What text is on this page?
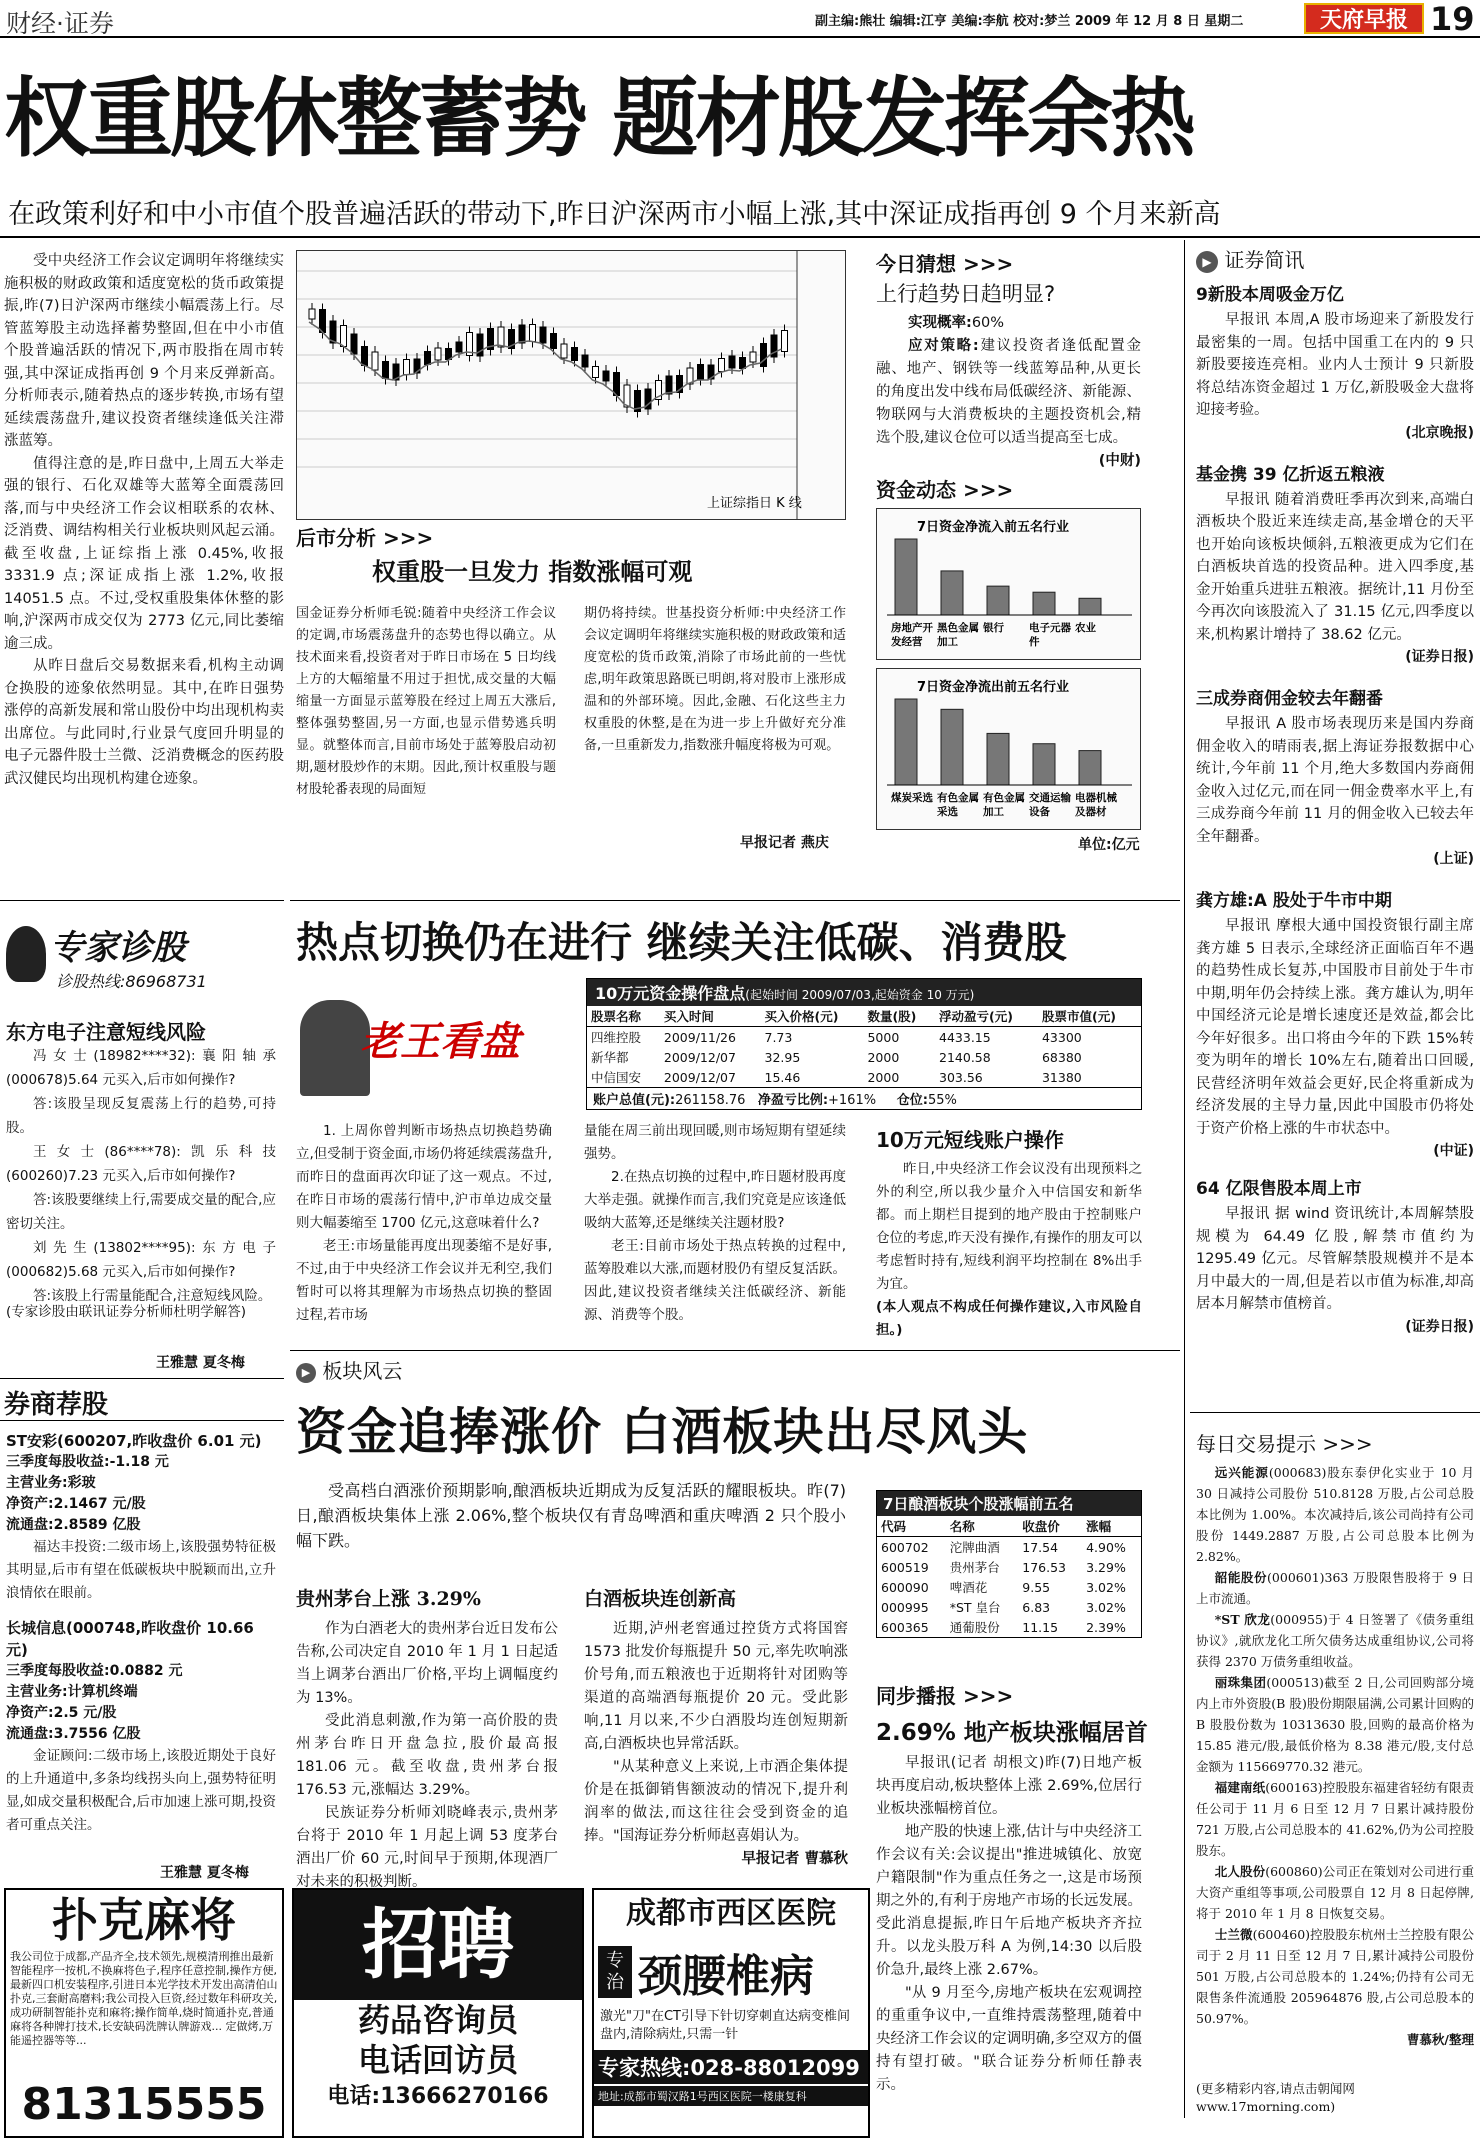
财经·证券	副主编:熊壮 编辑:江亨 美编:李航 校对:梦兰 2009 年 12 月 8 日 星期二	天府早报 19
权重股休整蓄势 题材股发挥余热
在政策利好和中小市值个股普遍活跃的带动下,昨日沪深两市小幅上涨,其中深证成指再创 9 个月来新高

受中央经济工作会议定调明年将继续实施积极的财政政策和适度宽松的货币政策提振,昨(7)日沪深两市继续小幅震荡上行。尽管蓝筹股主动选择蓄势整固,但在中小市值个股普遍活跃的情况下,两市股指在周市转强,其中深证成指再创 9 个月来反弹新高。分析师表示,随着热点的逐步转换,市场有望延续震荡盘升,建议投资者继续逢低关注滞涨蓝筹。

值得注意的是,昨日盘中,上周五大举走强的银行、石化双雄等大蓝筹全面震荡回落,而与中央经济工作会议相联系的农林、泛消费、调结构相关行业板块则风起云涌。截至收盘,上证综指上涨 0.45%,收报 3331.9 点;深证成指上涨 1.2%,收报 14051.5 点。不过,受权重股集体休整的影响,沪深两市成交仅为 2773 亿元,同比萎缩逾三成。

从昨日盘后交易数据来看,机构主动调仓换股的迹象依然明显。其中,在昨日强势涨停的高新发展和常山股份中均出现机构卖出席位。与此同时,行业景气度回升明显的电子元器件股士兰微、泛消费概念的医药股武汉健民均出现机构建仓迹象。

上证综指日 K 线
后市分析 >>>
权重股一旦发力 指数涨幅可观
国金证券分析师毛锐:随着中央经济工作会议的定调,市场震荡盘升的态势也得以确立。从技术面来看,投资者对于昨日市场在 5 日均线上方的大幅缩量不用过于担忧,成交量的大幅缩量一方面显示蓝筹股在经过上周五大涨后,整体强势整固,另一方面,也显示借势逃兵明显。就整体而言,目前市场处于蓝筹股启动初期,题材股炒作的末期。因此,预计权重股与题材股轮番表现的局面短
期仍将持续。世基投资分析师:中央经济工作会议定调明年将继续实施积极的财政政策和适度宽松的货币政策,消除了市场此前的一些忧虑,明年政策思路既已明朗,将对股市上涨形成温和的外部环境。因此,金融、石化这些主力权重股的休整,是在为进一步上升做好充分准备,一旦重新发力,指数涨升幅度将极为可观。
早报记者 燕庆
今日猜想 >>>
上行趋势日趋明显?
实现概率:60%
应对策略:建议投资者逢低配置金融、地产、钢铁等一线蓝筹品种,从更长的角度出发中线布局低碳经济、新能源、物联网与大消费板块的主题投资机会,精选个股,建议仓位可以适当提高至七成。
(中财)
资金动态 >>>
7日资金净流入前五名行业
房地产开
发经营
黑色金属
加工
银行 电子元器
件
农业
7日资金净流出前五名行业
煤炭采选 有色金属
采选
有色金属
加工
交通运输
设备
电器机械
及器材
单位:亿元
▶ 证券简讯
9新股本周吸金万亿
早报讯 本周,A 股市场迎来了新股发行最密集的一周。包括中国重工在内的 9 只新股要接连亮相。业内人士预计 9 只新股将总结冻资金超过 1 万亿,新股吸金大盘将迎接考验。
(北京晚报)
基金携 39 亿折返五粮液
早报讯 随着消费旺季再次到来,高端白酒板块个股近来连续走高,基金增仓的天平也开始向该板块倾斜,五粮液更成为它们在白酒板块首选的投资品种。进入四季度,基金开始重兵进驻五粮液。据统计,11 月份至今再次向该股流入了 31.15 亿元,四季度以来,机构累计增持了 38.62 亿元。
(证券日报)
三成券商佣金较去年翻番
早报讯 A 股市场表现历来是国内券商佣金收入的晴雨表,据上海证券报数据中心统计,今年前 11 个月,绝大多数国内券商佣金收入过亿元,而在同一佣金费率水平上,有三成券商今年前 11 月的佣金收入已较去年全年翻番。
(上证)
龚方雄:A 股处于牛市中期
早报讯 摩根大通中国投资银行副主席龚方雄 5 日表示,全球经济正面临百年不遇的趋势性成长复苏,中国股市目前处于牛市中期,明年仍会持续上涨。龚方雄认为,明年中国经济元论是增长速度还是效益,都会比今年好很多。出口将由今年的下跌 15%转变为明年的增长 10%左右,随着出口回暖,民营经济明年效益会更好,民企将重新成为经济发展的主导力量,因此中国股市仍将处于资产价格上涨的牛市状态中。
(中证)
64 亿限售股本周上市
早报讯 据 wind 资讯统计,本周解禁股规模为 64.49 亿股,解禁市值约为 1295.49 亿元。尽管解禁股规模并不是本月中最大的一周,但是若以市值为标准,却高居本月解禁市值榜首。
(证券日报)
专家诊股
诊股热线:86968731
东方电子注意短线风险

冯女士(18982****32):襄阳轴承(000678)5.64 元买入,后市如何操作?

答:该股呈现反复震荡上行的趋势,可持股。

王女士(86****78):凯乐科技(600260)7.23 元买入,后市如何操作?

答:该股要继续上行,需要成交量的配合,应密切关注。

刘先生(13802****95):东方电子(000682)5.68 元买入,后市如何操作?

答:该股上行需量能配合,注意短线风险。

(专家诊股由联讯证券分析师杜明学解答)
王雅慧 夏冬梅
券商荐股
ST安彩(600207,昨收盘价 6.01 元)
三季度每股收益:-1.18 元
主营业务:彩玻
净资产:2.1467 元/股
流通盘:2.8589 亿股
福达丰投资:二级市场上,该股强势特征极其明显,后市有望在低碳板块中脱颖而出,立升浪情依在眼前。
长城信息(000748,昨收盘价 10.66 元)
三季度每股收益:0.0882 元
主营业务:计算机终端
净资产:2.5 元/股
流通盘:3.7556 亿股
金证顾问:二级市场上,该股近期处于良好的上升通道中,多条均线拐头向上,强势特征明显,如成交量积极配合,后市加速上涨可期,投资者可重点关注。
王雅慧 夏冬梅
热点切换仍在进行 继续关注低碳、消费股
老王看盘
10万元资金操作盘点(起始时间 2009/07/03,起始资金 10 万元)
股票名称	买入时间	买入价格(元)	数量(股)	浮动盈亏(元)	股票市值(元)
四维控股	2009/11/26	7.73	5000	4433.15	43300
新华都	2009/12/07	32.95	2000	2140.58	68380
中信国安	2009/12/07	15.46	2000	303.56	31380
账户总值(元):261158.76 净盈亏比例:+161% 仓位:55%

1. 上周你曾判断市场热点切换趋势确立,但受制于资金面,市场仍将延续震荡盘升,而昨日的盘面再次印证了这一观点。不过,在昨日市场的震荡行情中,沪市单边成交量则大幅萎缩至 1700 亿元,这意味着什么?

老王:市场量能再度出现萎缩不是好事,不过,由于中央经济工作会议并无利空,我们暂时可以将其理解为市场热点切换的整固过程,若市场

量能在周三前出现回暖,则市场短期有望延续强势。

2.在热点切换的过程中,昨日题材股再度大举走强。就操作而言,我们究竟是应该逢低吸纳大蓝筹,还是继续关注题材股?

老王:目前市场处于热点转换的过程中,蓝筹股难以大涨,而题材股仍有望反复活跃。因此,建议投资者继续关注低碳经济、新能源、消费等个股。

10万元短线账户操作

昨日,中央经济工作会议没有出现预料之外的利空,所以我少量介入中信国安和新华都。而上期栏目提到的地产股由于控制账户仓位的考虑,昨天没有操作,有操作的朋友可以考虑暂时持有,短线利润平均控制在 8%出手为宜。

(本人观点不构成任何操作建议,入市风险自担。)

▶ 板块风云
资金追捧涨价 白酒板块出尽风头
受高档白酒涨价预期影响,酿酒板块近期成为反复活跃的耀眼板块。昨(7)日,酿酒板块集体上涨 2.06%,整个板块仅有青岛啤酒和重庆啤酒 2 只个股小幅下跌。
7日酿酒板块个股涨幅前五名
代码	名称	收盘价	涨幅
600702	沱牌曲酒	17.54	4.90%
600519	贵州茅台	176.53	3.29%
600090	啤酒花	9.55	3.02%
000995	*ST 皇台	6.83	3.02%
600365	通葡股份	11.15	2.39%
贵州茅台上涨 3.29%

作为白酒老大的贵州茅台近日发布公告称,公司决定自 2010 年 1 月 1 日起适当上调茅台酒出厂价格,平均上调幅度约为 13%。

受此消息刺激,作为第一高价股的贵州茅台昨日开盘急拉,股价最高报 181.06 元。截至收盘,贵州茅台报 176.53 元,涨幅达 3.29%。

民族证券分析师刘晓峰表示,贵州茅台将于 2010 年 1 月起上调 53 度茅台酒出厂价 60 元,时间早于预期,体现酒厂对未来的积极判断。

白酒板块连创新高

近期,泸州老窖通过控货方式将国窖 1573 批发价每瓶提升 50 元,率先吹响涨价号角,而五粮液也于近期将针对团购等渠道的高端酒每瓶提价 20 元。受此影响,11 月以来,不少白酒股均连创短期新高,白酒板块也异常活跃。

"从某种意义上来说,上市酒企集体提价是在抵御销售额波动的情况下,提升利润率的做法,而这往往会受到资金的追捧。"国海证券分析师赵喜娟认为。

早报记者 曹慕秋

同步播报 >>>
2.69% 地产板块涨幅居首

早报讯(记者 胡根文)昨(7)日地产板块再度启动,板块整体上涨 2.69%,位居行业板块涨幅榜首位。

地产股的快速上涨,估计与中央经济工作会议有关:会议提出"推进城镇化、放宽户籍限制"作为重点任务之一,这是市场预期之外的,有利于房地产市场的长远发展。受此消息提振,昨日午后地产板块齐齐拉升。以龙头股万科 A 为例,14:30 以后股价急升,最终上涨 2.67%。

"从 9 月至今,房地产板块在宏观调控的重重争议中,一直维持震荡整理,随着中央经济工作会议的定调明确,多空双方的僵持有望打破。"联合证券分析师任静表示。

每日交易提示 >>>

远兴能源(000683)股东泰伊化实业于 10 月 30 日减持公司股份 510.8128 万股,占公司总股本比例为 1.00%。本次减持后,该公司尚持有公司股份 1449.2887 万股,占公司总股本比例为 2.82%。

韶能股份(000601)363 万股限售股将于 9 日上市流通。

*ST 欣龙(000955)于 4 日签署了《债务重组协议》,就欣龙化工所欠债务达成重组协议,公司将获得 2370 万债务重组收益。

丽珠集团(000513)截至 2 日,公司回购部分境内上市外资股(B 股)股份期限届满,公司累计回购的 B 股股份数为 10313630 股,回购的最高价格为 15.85 港元/股,最低价格为 8.38 港元/股,支付总金额为 115669770.32 港元。

福建南纸(600163)控股股东福建省轻纺有限责任公司于 11 月 6 日至 12 月 7 日累计减持股份 721 万股,占公司总股本的 41.62%,仍为公司控股股东。

北人股份(600860)公司正在策划对公司进行重大资产重组等事项,公司股票自 12 月 8 日起停牌,将于 2010 年 1 月 8 日恢复交易。

士兰微(600460)控股股东杭州士兰控股有限公司于 2 月 11 日至 12 月 7 日,累计减持公司股份 501 万股,占公司总股本的 1.24%;仍持有公司无限售条件流通股 205964876 股,占公司总股本的 50.97%。

曹慕秋/整理

(更多精彩内容,请点击朝闻网 www.17morning.com)
扑克麻将
我公司位于成都,产品齐全,技术领先,规模清刑推出最新智能程序一按机,不换麻将色子,程序任意控制,操作方便,最新四口机安装程序,引进日本光学技术开发出高清伯山扑克,三套耐高磨料;我公司投入巨资,经过数年科研攻关,成功研制智能扑克和麻将;操作简单,烧时简通扑克,普通麻将各种牌打技术,长安缺码洗牌认牌游戏... 定做烤,万能遥控器等等...
81315555
招聘
药品咨询员
电话回访员
电话:13666270166
成都市西区医院
专治 颈腰椎病
激光"刀"在CT引导下针切穿刺直达病变椎间盘内,清除病灶,只需一针
专家热线:028-88012099
地址:成都市蜀汉路1号西区医院一楼康复科
